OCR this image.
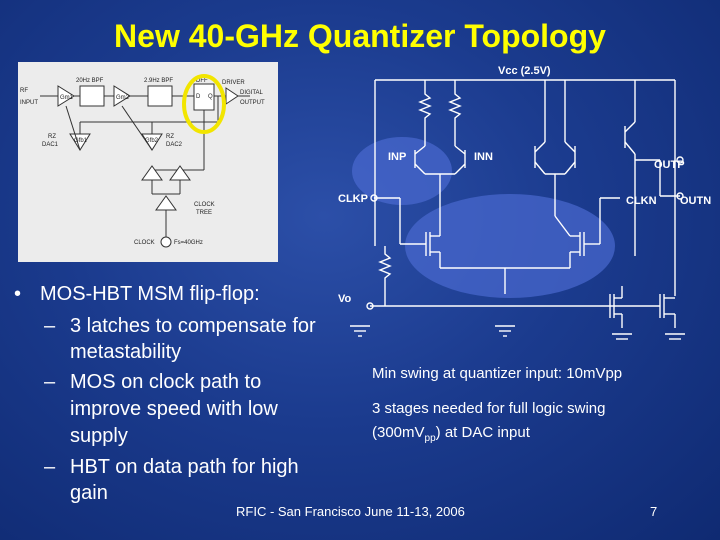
New 40-GHz Quantizer Topology
RF
INPUT
Gm1	Gm2
20Hz BPF	2.9Hz BPF	DFF
D Q
DRIVER
DIGITAL
OUTPUT
RZ
DAC1
RZ
DAC2
Gfb1	Gfb2
CLOCK
TREE
CLOCK	Fs=40GHz
Vcc (2.5V)
INP	INN
OUTP
OUTN
CLKP	CLKN
Vo
• MOS-HBT MSM flip-flop:
– 3 latches to compensate for
metastability
– MOS on clock path to
improve speed with low
supply
– HBT on data path for high
gain
Min swing at quantizer input: 10mVpp
3 stages needed for full logic swing
$(300mV_{pp})$ at DAC input
RFIC - San Francisco June 11-13, 2006	7
